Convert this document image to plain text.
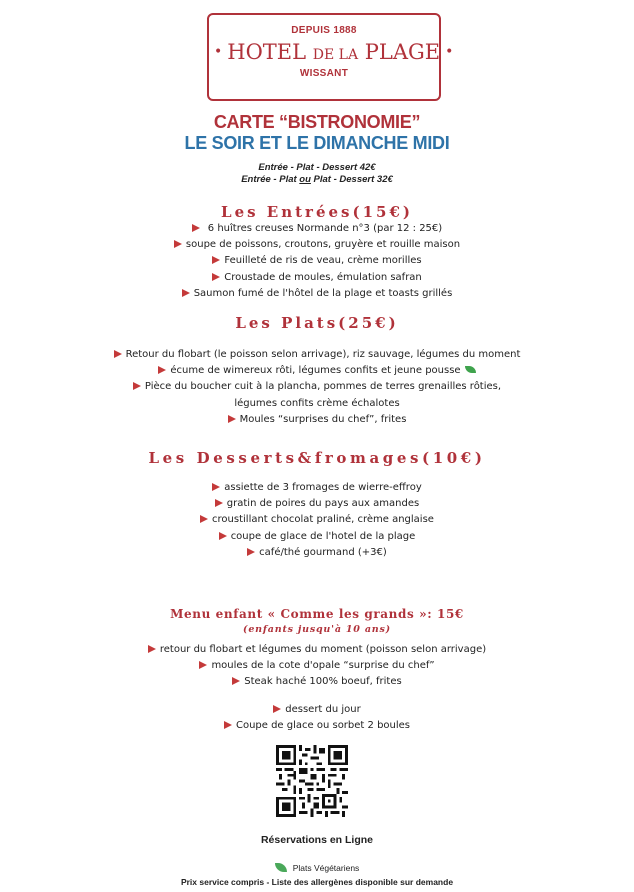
DEPUIS 1888
• HOTEL DE LA PLAGE •
WISSANT
CARTE “BISTRONOMIE”
LE SOIR ET LE DIMANCHE MIDI
Entrée - Plat - Dessert 42€
Entrée - Plat ou Plat - Dessert 32€
Les Entrées(15€)
6 huîtres creuses Normande n°3 (par 12 : 25€)
soupe de poissons, croutons, gruyère et rouille maison
Feuilleté de ris de veau, crème morilles
Croustade de moules, émulation safran
Saumon fumé de l'hôtel de la plage et toasts grillés
Les Plats(25€)
Retour du flobart (le poisson selon arrivage), riz sauvage, légumes du moment
écume de wimereux rôti, légumes confits et jeune pousse
Pièce du boucher cuit à la plancha, pommes de terres grenailles rôties,
légumes confits crème échalotes
Moules “surprises du chef”, frites
Les Desserts&fromages(10€)
assiette de 3 fromages de wierre-effroy
gratin de poires du pays aux amandes
croustillant chocolat praliné, crème anglaise
coupe de glace de l'hotel de la plage
café/thé gourmand (+3€)
Menu enfant « Comme les grands »: 15€
(enfants jusqu'à 10 ans)
retour du flobart et légumes du moment (poisson selon arrivage)
moules de la cote d'opale “surprise du chef”
Steak haché 100% boeuf, frites
dessert du jour
Coupe de glace ou sorbet 2 boules
Réservations en Ligne
Plats Végétariens
Prix service compris - Liste des allergènes disponible sur demande
